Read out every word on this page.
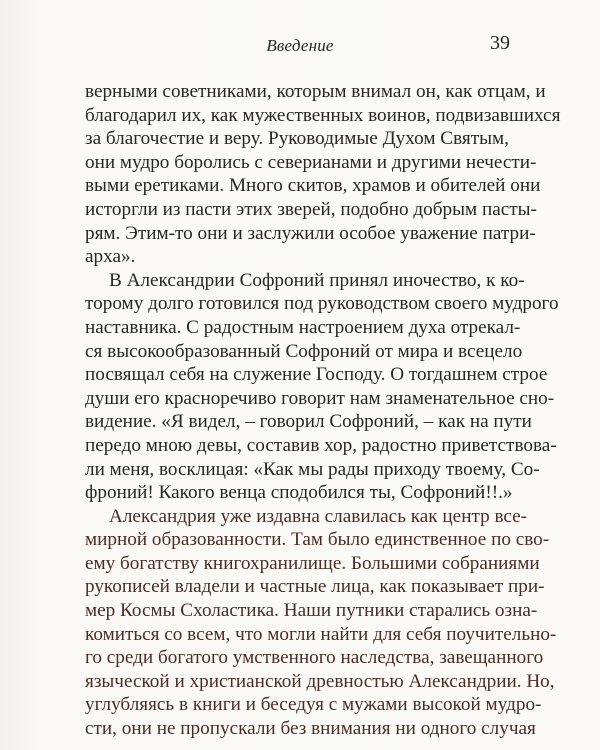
Введение	39
верными советниками, которым внимал он, как отцам, и
благодарил их, как мужественных воинов, подвизавшихся
за благочестие и веру. Руководимые Духом Святым,
они мудро боролись с северианами и другими нечести-
выми еретиками. Много скитов, храмов и обителей они
исторгли из пасти этих зверей, подобно добрым пасты-
рям. Этим-то они и заслужили особое уважение патри-
арха».
В Александрии Софроний принял иночество, к ко-
торому долго готовился под руководством своего мудрого
наставника. С радостным настроением духа отрекал-
ся высокообразованный Софроний от мира и всецело
посвящал себя на служение Господу. О тогдашнем строе
души его красноречиво говорит нам знаменательное сно-
видение. «Я видел, – говорил Софроний, – как на пути
передо мною девы, составив хор, радостно приветствова-
ли меня, восклицая: «Как мы рады приходу твоему, Со-
фроний! Какого венца сподобился ты, Софроний!!.»
Александрия уже издавна славилась как центр все-
мирной образованности. Там было единственное по сво-
ему богатству книгохранилище. Большими собраниями
рукописей владели и частные лица, как показывает при-
мер Космы Схоластика. Наши путники старались озна-
комиться со всем, что могли найти для себя поучительно-
го среди богатого умственного наследства, завещанного
языческой и христианской древностью Александрии. Но,
углубляясь в книги и беседуя с мужами высокой мудро-
сти, они не пропускали без внимания ни одного случая
